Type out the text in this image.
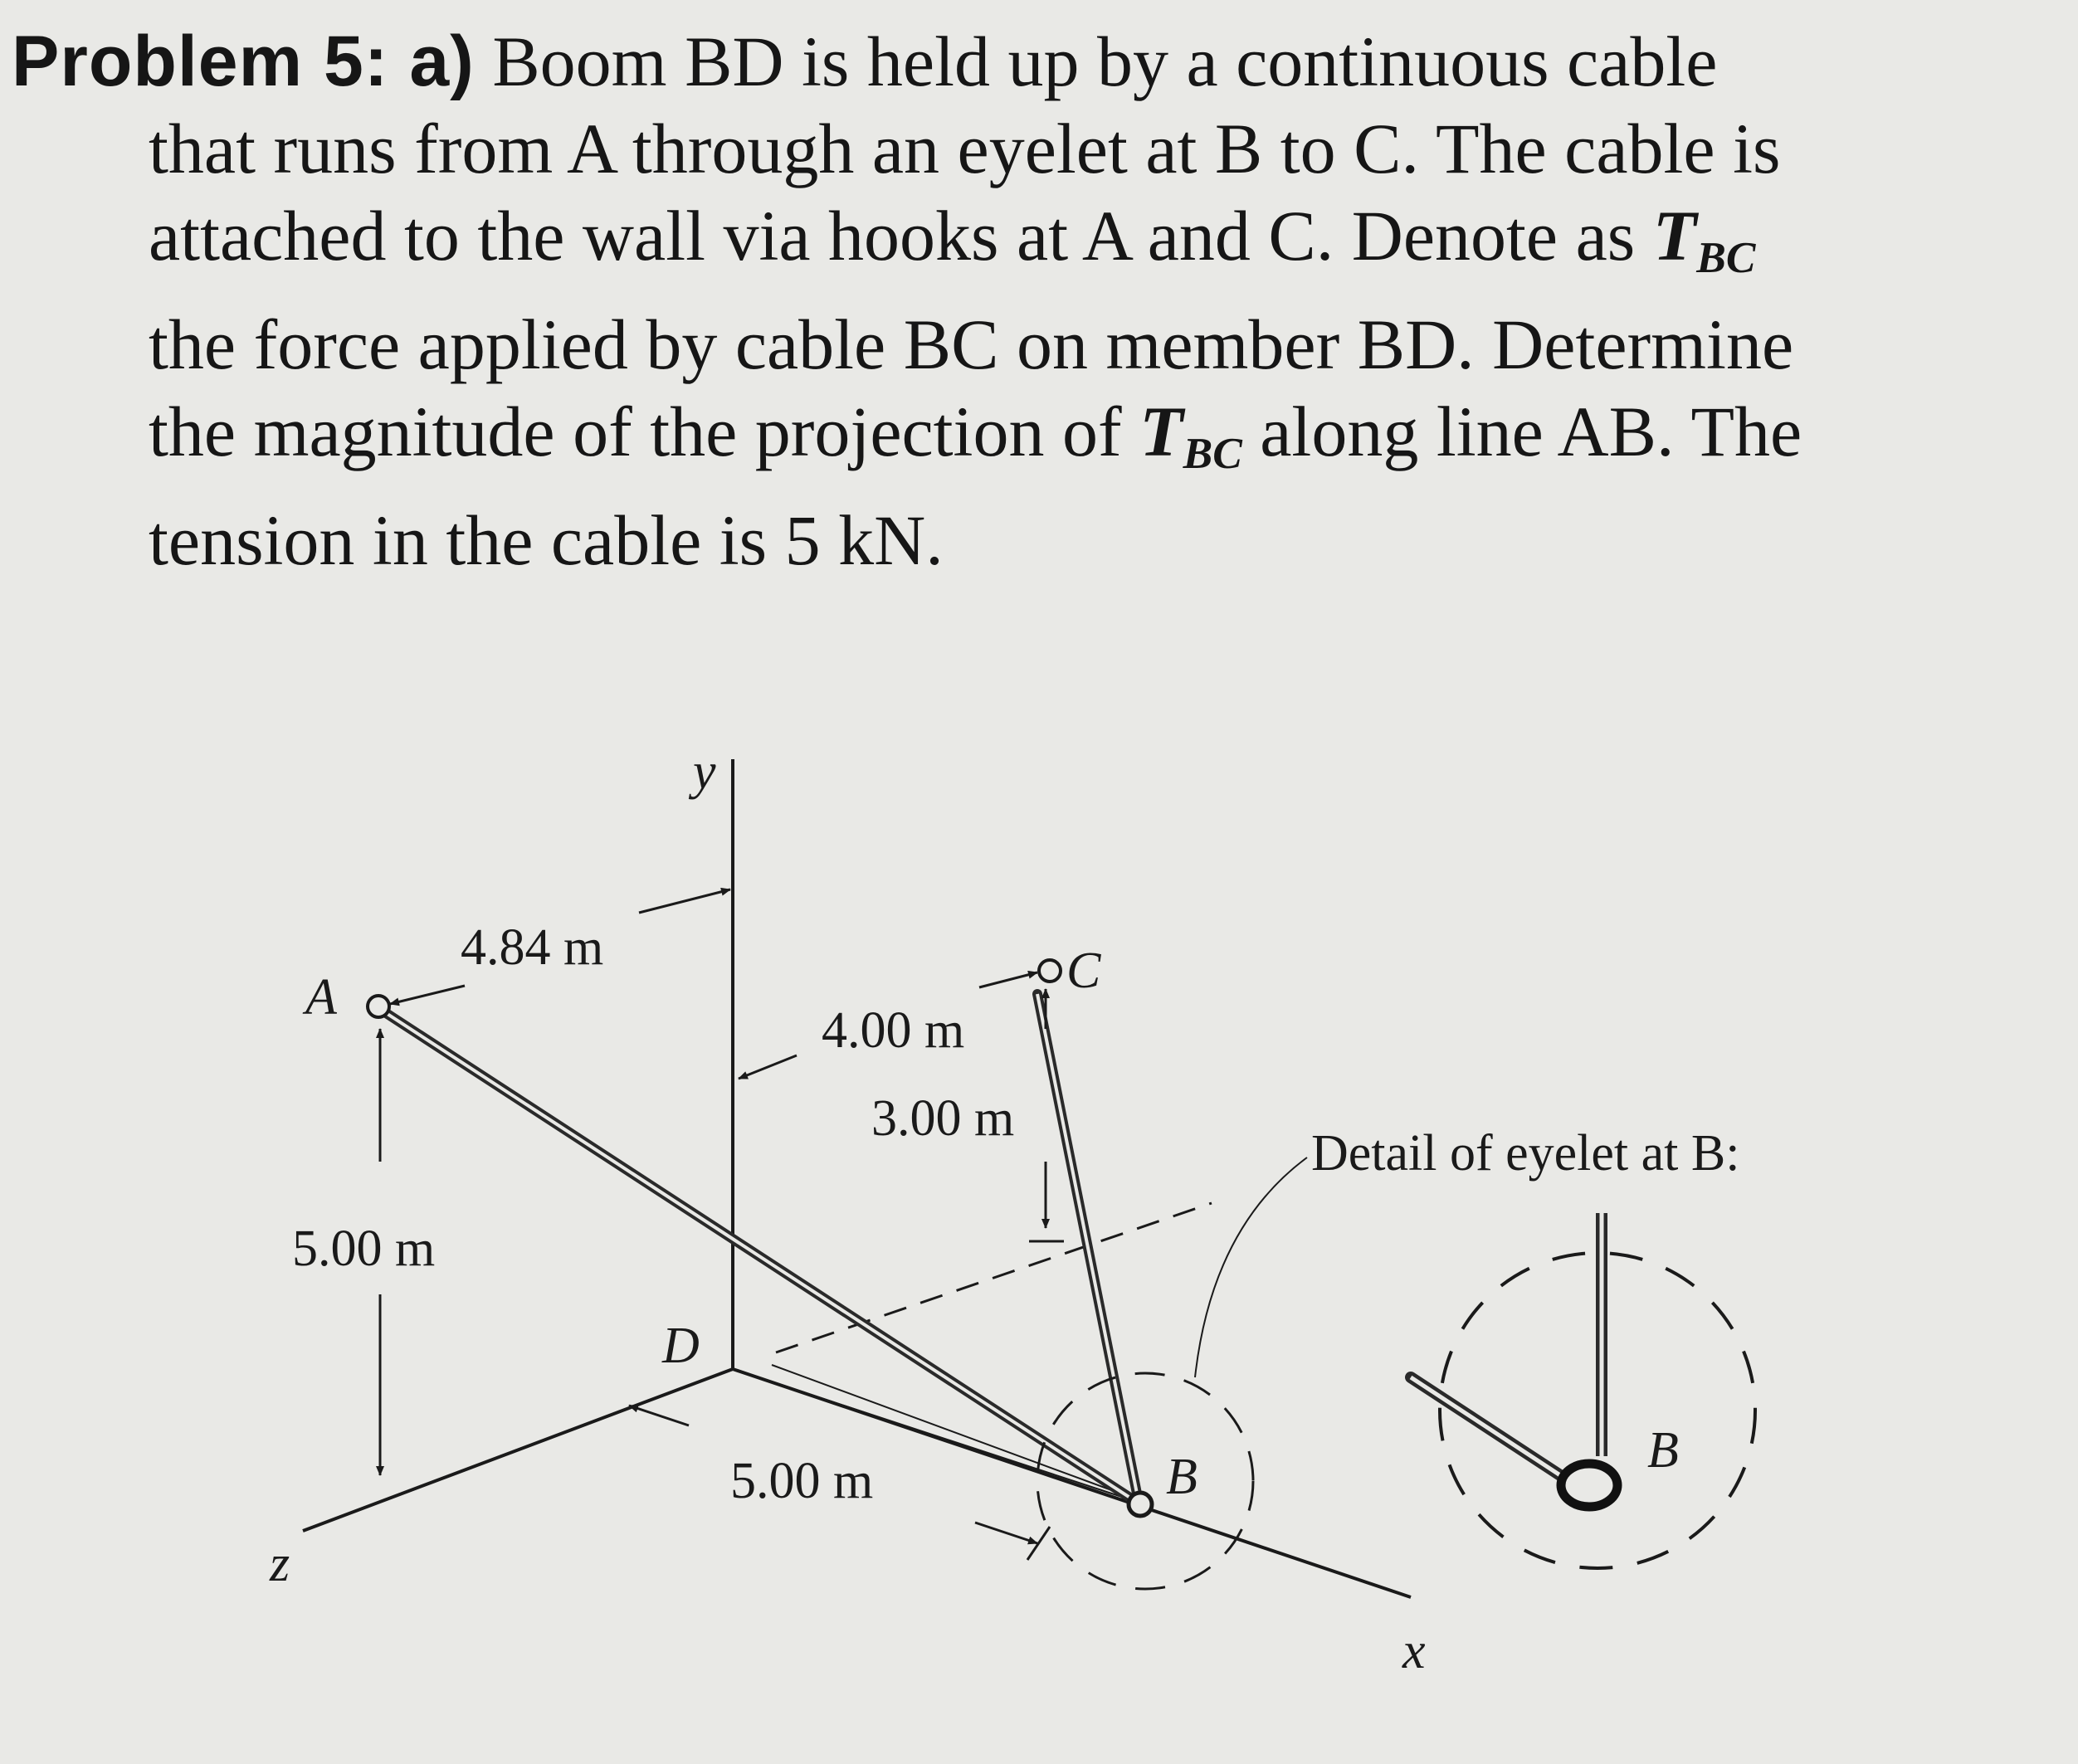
Problem 5: a) Boom BD is held up by a continuous cable
that runs from A through an eyelet at B to C. The cable is
attached to the wall via hooks at A and C. Denote as $T_{BC}$
the force applied by cable BC on member BD. Determine
the magnitude of the projection of $T_{BC}$ along line AB. The
tension in the cable is 5 kN.
y
z
x
A	C
D
B
4.84 m
5.00 m
4.00 m
3.00 m
5.00 m
Detail of eyelet at B:
B
